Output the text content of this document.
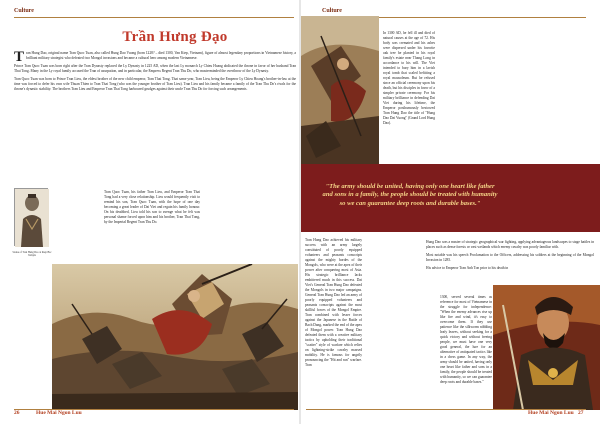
Culture	Culture
Trần Hưng Đạo

Tran Hung Dao, original name Tran Quoc Tuan, also called Hung Dao Vuong (born 1228? – died 1300, Van Kiep, Vietnam), figure of almost legendary proportions in Vietnamese history, a brilliant military strategist who defeated two Mongol invasions and became a cultural hero among modern Vietnamese.

Prince Tran Quoc Tuan was born right after the Tran Dynasty replaced the Ly Dynasty in 1225 AD, when the last Ly monarch Ly Chieu Hoang abdicated the throne in favor of her husband Tran Thai Tong. Many in the Ly royal family accused the Tran of usurpation, and in particular, the Empress Regent Tran Thu Do, who masterminded the overthrow of the Ly Dynasty.

Tran Quoc Tuan was born to Prince Tran Lieu, the eldest brother of the new child emperor, Tran Thai Tong. That same year, Tran Lieu, being the Emperor Ly Chieu Hoang's brother-in-law at the time was forced to defer his own wife Thuan Thien to Tran Thai Tong (who was the younger brother of Tran Lieu). Tran Lieu and his family became a family of the Tran Thu Do's rivals for the throne's dynastic stability. The brothers Tran Lieu and Emperor Tran Thai Tong harboured grudges against their uncle Tran Thu Do for forcing such arrangements.

Statue of Tran Hung Dao at Kiep Bac Temple
Tran Quoc Tuan, his father Tran Lieu, and Emperor Tran Thai Tong had a very close relationship. Lieu would frequently visit to remind his son, Tran Quoc Tuan, with the hope of one day becoming a great leader of Dai Viet and regain his family honour. On his deathbed, Lieu told his son to avenge what he felt was personal shame forced upon him and his brother, Tran Thai Tong, by the Imperial Regent Tran Thu Do.
In 1300 AD, he fell ill and died of natural causes at the age of 72. His body was cremated and his ashes were dispersed under his favorite oak tree he planted in his royal family's estate near Thang Long in accordance to his will. The Viet intended to bury him in a lavish royal tomb that scaled befitting a royal mausoleum. But he refused since an official ceremony upon his death, but his disciples in favor of a simpler private ceremony. For his military brilliance in defending Dai Viet during his lifetime, the Emperor posthumously bestowed Tran Hung Dao the title of "Hung Dao Dai Vuong" (Grand Lord Hung Dao).
"The army should be united, having only one heart like father and sons in a family, the people should be treated with humanity so we can guarantee deep roots and durable bases."
Tran Hung Dao achieved his military success with an army largely constituted of poorly equipped volunteers and peasants conscripts against the mighty hordes of the Mongols, who were at the apex of their power after conquering most of Asia. His strategic brilliance lacks embittered much in this success. Dai Viet's General Tran Hung Dao defeated the Mongols in two major campaigns. General Tran Hung Dao led an army of poorly equipped volunteers and peasants conscripts against the most skillful forces of the Mongol Empire. Tran combined with lesser forces against the Japanese in the Battle of Bach Dang, marked the end of the apex of Mongol power. Tran Hung Dao defeated them with a creative military tactics by upholding their traditional "scatter" style of warfare which relies on lightning-strike cavalry massed mobility. He is famous for angrily pronouncing the "Hit and run" warfare. Tran

Hung Dao was a master of strategic geographical war fighting, applying advantageous landscapes to stage battles in places such as dense forests or vast wetlands which enemy cavalry was poorly familiar with.

Most notable was his speech Proclamation to the Officers, addressing his soldiers at the beginning of the Mongol Invasion in 1285.

His advice to Emperor Tran Anh Ton prior to his death in

1300, served several times as reference for most of Vietnamese in the struggle for independence: "When the enemy advances rise up like fire and wind, it's easy to overcome them. If they use patience like the silkworm nibbling leafy leaves, without seeking for a quick victory and without freeing people, we must have one very good general, the lure for an alternative of antiquated tactics like in a chess game. In any way, the army should be united, having only one heart like father and sons in a family, the people should be treated with humanity, so we can guarantee deep roots and durable bases."
26	Hue Mai Ngon Luu	Hue Mai Ngon Luu 27
